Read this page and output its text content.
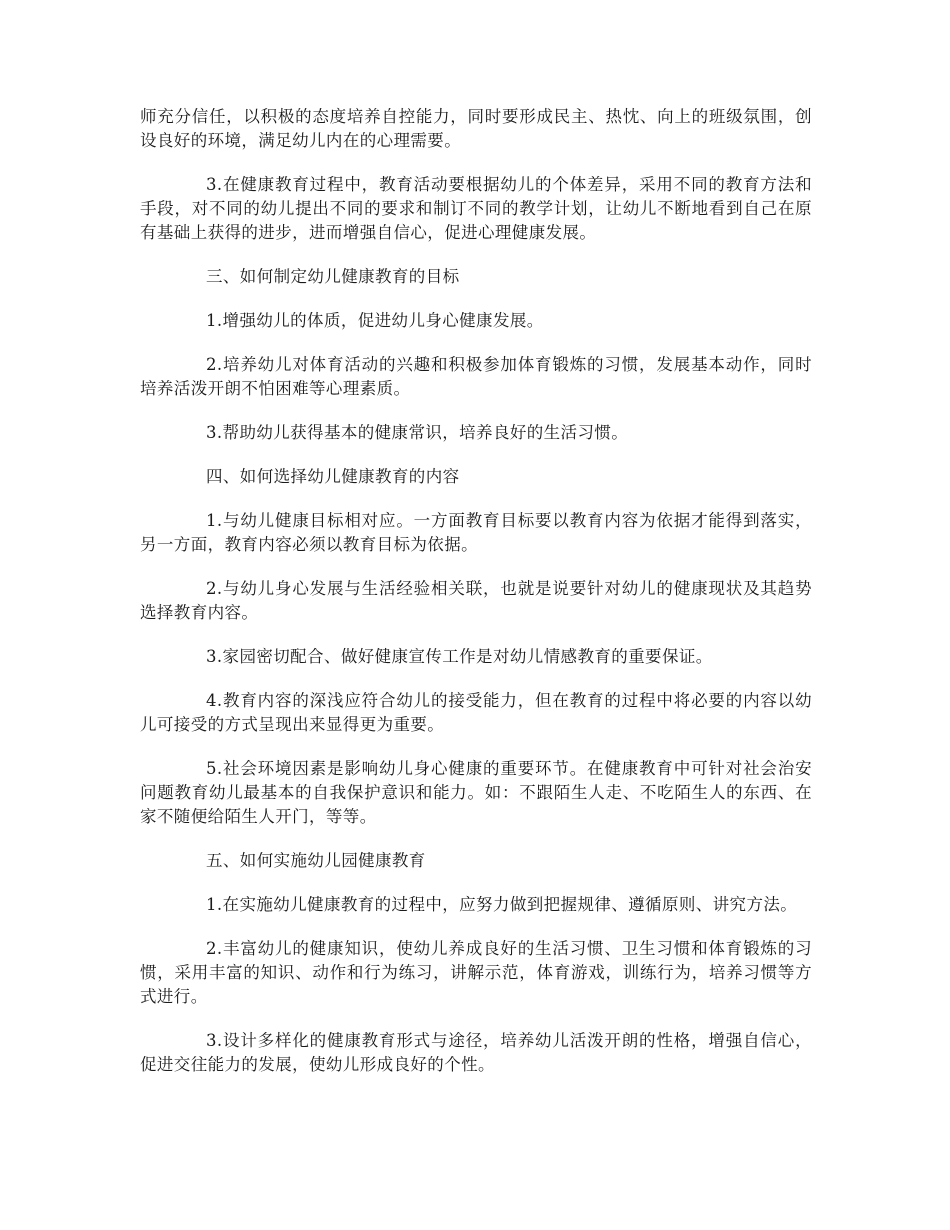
师充分信任，以积极的态度培养自控能力，同时要形成民主、热忱、向上的班级氛围，创设良好的环境，满足幼儿内在的心理需要。

3.在健康教育过程中，教育活动要根据幼儿的个体差异，采用不同的教育方法和手段，对不同的幼儿提出不同的要求和制订不同的教学计划，让幼儿不断地看到自己在原有基础上获得的进步，进而增强自信心，促进心理健康发展。

三、如何制定幼儿健康教育的目标

1.增强幼儿的体质，促进幼儿身心健康发展。

2.培养幼儿对体育活动的兴趣和积极参加体育锻炼的习惯，发展基本动作，同时培养活泼开朗不怕困难等心理素质。

3.帮助幼儿获得基本的健康常识，培养良好的生活习惯。

四、如何选择幼儿健康教育的内容

1.与幼儿健康目标相对应。一方面教育目标要以教育内容为依据才能得到落实，另一方面，教育内容必须以教育目标为依据。

2.与幼儿身心发展与生活经验相关联，也就是说要针对幼儿的健康现状及其趋势选择教育内容。

3.家园密切配合、做好健康宣传工作是对幼儿情感教育的重要保证。

4.教育内容的深浅应符合幼儿的接受能力，但在教育的过程中将必要的内容以幼儿可接受的方式呈现出来显得更为重要。

5.社会环境因素是影响幼儿身心健康的重要环节。在健康教育中可针对社会治安问题教育幼儿最基本的自我保护意识和能力。如：不跟陌生人走、不吃陌生人的东西、在家不随便给陌生人开门，等等。

五、如何实施幼儿园健康教育

1.在实施幼儿健康教育的过程中，应努力做到把握规律、遵循原则、讲究方法。

2.丰富幼儿的健康知识，使幼儿养成良好的生活习惯、卫生习惯和体育锻炼的习惯，采用丰富的知识、动作和行为练习，讲解示范，体育游戏，训练行为，培养习惯等方式进行。

3.设计多样化的健康教育形式与途径，培养幼儿活泼开朗的性格，增强自信心，促进交往能力的发展，使幼儿形成良好的个性。
